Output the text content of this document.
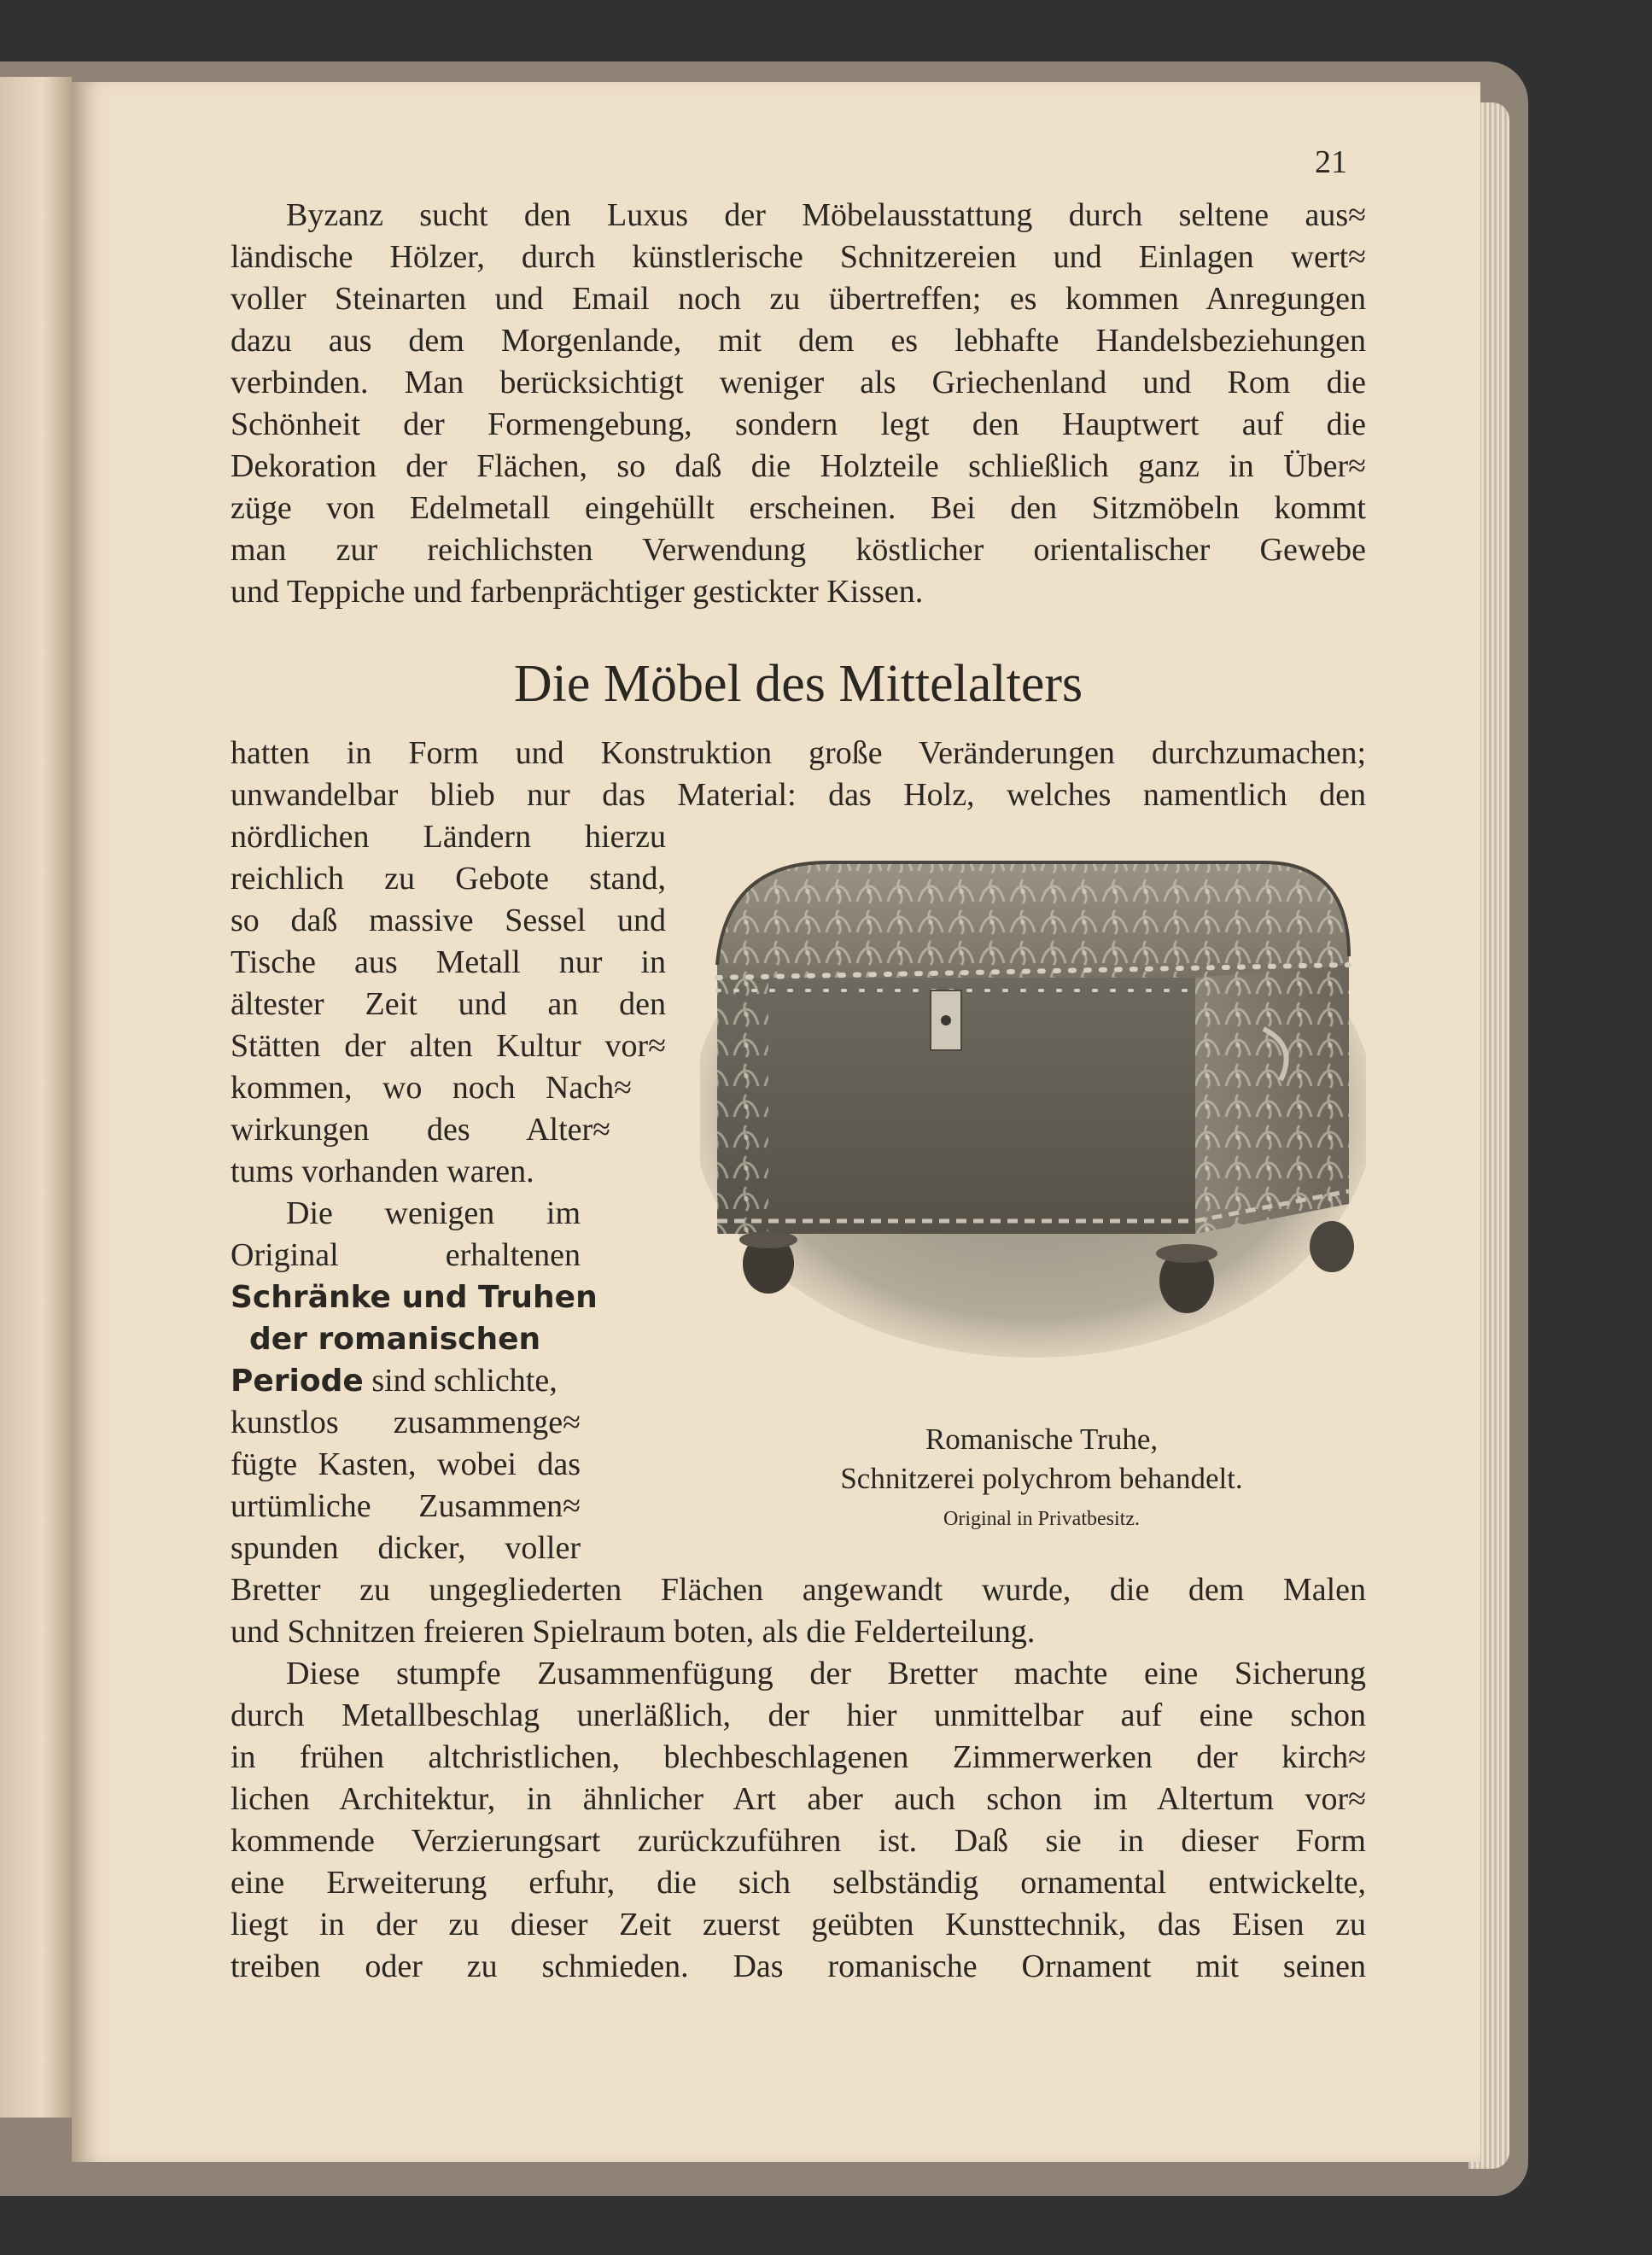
21
Byzanz sucht den Luxus der Möbelausstattung durch seltene aus≈
ländische Hölzer, durch künstlerische Schnitzereien und Einlagen wert≈
voller Steinarten und Email noch zu übertreffen; es kommen Anregungen
dazu aus dem Morgenlande, mit dem es lebhafte Handelsbeziehungen
verbinden. Man berücksichtigt weniger als Griechenland und Rom die
Schönheit der Formengebung, sondern legt den Hauptwert auf die
Dekoration der Flächen, so daß die Holzteile schließlich ganz in Über≈
züge von Edelmetall eingehüllt erscheinen. Bei den Sitzmöbeln kommt
man zur reichlichsten Verwendung köstlicher orientalischer Gewebe
und Teppiche und farbenprächtiger gestickter Kissen.
Die Möbel des Mittelalters
hatten in Form und Konstruktion große Veränderungen durchzumachen;
unwandelbar blieb nur das Material: das Holz, welches namentlich den
nördlichen Ländern hierzu
reichlich zu Gebote stand,
so daß massive Sessel und
Tische aus Metall nur in
ältester Zeit und an den
Stätten der alten Kultur vor≈
kommen, wo noch Nach≈
wirkungen des Alter≈
tums vorhanden waren.
Die wenigen im
Original erhaltenen
Schränke und Truhen
der romanischen
Periode sind schlichte,
kunstlos zusammenge≈
fügte Kasten, wobei das
urtümliche Zusammen≈
spunden dicker, voller
Bretter zu ungegliederten Flächen angewandt wurde, die dem Malen
und Schnitzen freieren Spielraum boten, als die Felderteilung.
Diese stumpfe Zusammenfügung der Bretter machte eine Sicherung
durch Metallbeschlag unerläßlich, der hier unmittelbar auf eine schon
in frühen altchristlichen, blechbeschlagenen Zimmerwerken der kirch≈
lichen Architektur, in ähnlicher Art aber auch schon im Altertum vor≈
kommende Verzierungsart zurückzuführen ist. Daß sie in dieser Form
eine Erweiterung erfuhr, die sich selbständig ornamental entwickelte,
liegt in der zu dieser Zeit zuerst geübten Kunsttechnik, das Eisen zu
treiben oder zu schmieden. Das romanische Ornament mit seinen
Romanische Truhe,
Schnitzerei polychrom behandelt.
Original in Privatbesitz.
